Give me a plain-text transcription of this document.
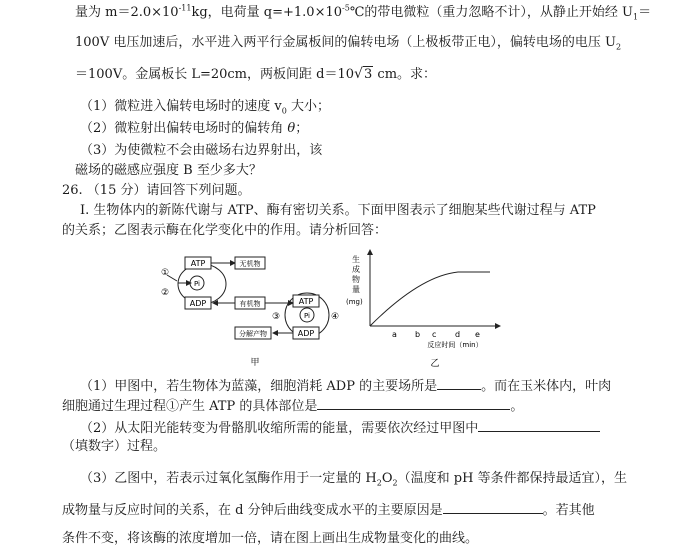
量为 $m=2.0\times 10^{-11}kg$，电荷量 $q=+1.0\times 10^{-5}℃$的带电微粒（重力忽略不计），从静止开始经 $U_1=$
100V 电压加速后，水平进入两平行金属板间的偏转电场（上极板带正电），偏转电场的电压 $U_2$
＝100V。金属板长 L=20cm，两板间距 d＝10 √ 3 cm。求：
（1）微粒进入偏转电场时的速度 $v_0$ 大小；
（2）微粒射出偏转电场时的偏转角 θ；
（3）为使微粒不会由磁场右边界射出，该
磁场的磁感应强度 B 至少多大？
26. （15 分）请回答下列问题。
Ⅰ. 生物体内的新陈代谢与 ATP、酶有密切关系。下面甲图表示了细胞某些代谢过程与 ATP
的关系；乙图表示酶在化学变化中的作用。请分析回答：
ATP
ADP
Pi
无机物
有机物
分解产物
ATP
ADP
Pi
①
②
③	④
甲
生
成
物
量
(mg)
a b c d e
反应时间（min）
乙
（1）甲图中，若生物体为蓝藻，细胞消耗 ADP 的主要场所是	。而在玉米体内，叶肉
细胞通过生理过程①产生 ATP 的具体部位是	。
（2）从太阳光能转变为骨骼肌收缩所需的能量，需要依次经过甲图中
（填数字）过程。
（3）乙图中，若表示过氧化氢酶作用于一定量的 $H_2O_2$（温度和 pH 等条件都保持最适宜），生
成物量与反应时间的关系，在 d 分钟后曲线变成水平的主要原因是	。若其他
条件不变，将该酶的浓度增加一倍，请在图上画出生成物量变化的曲线。
